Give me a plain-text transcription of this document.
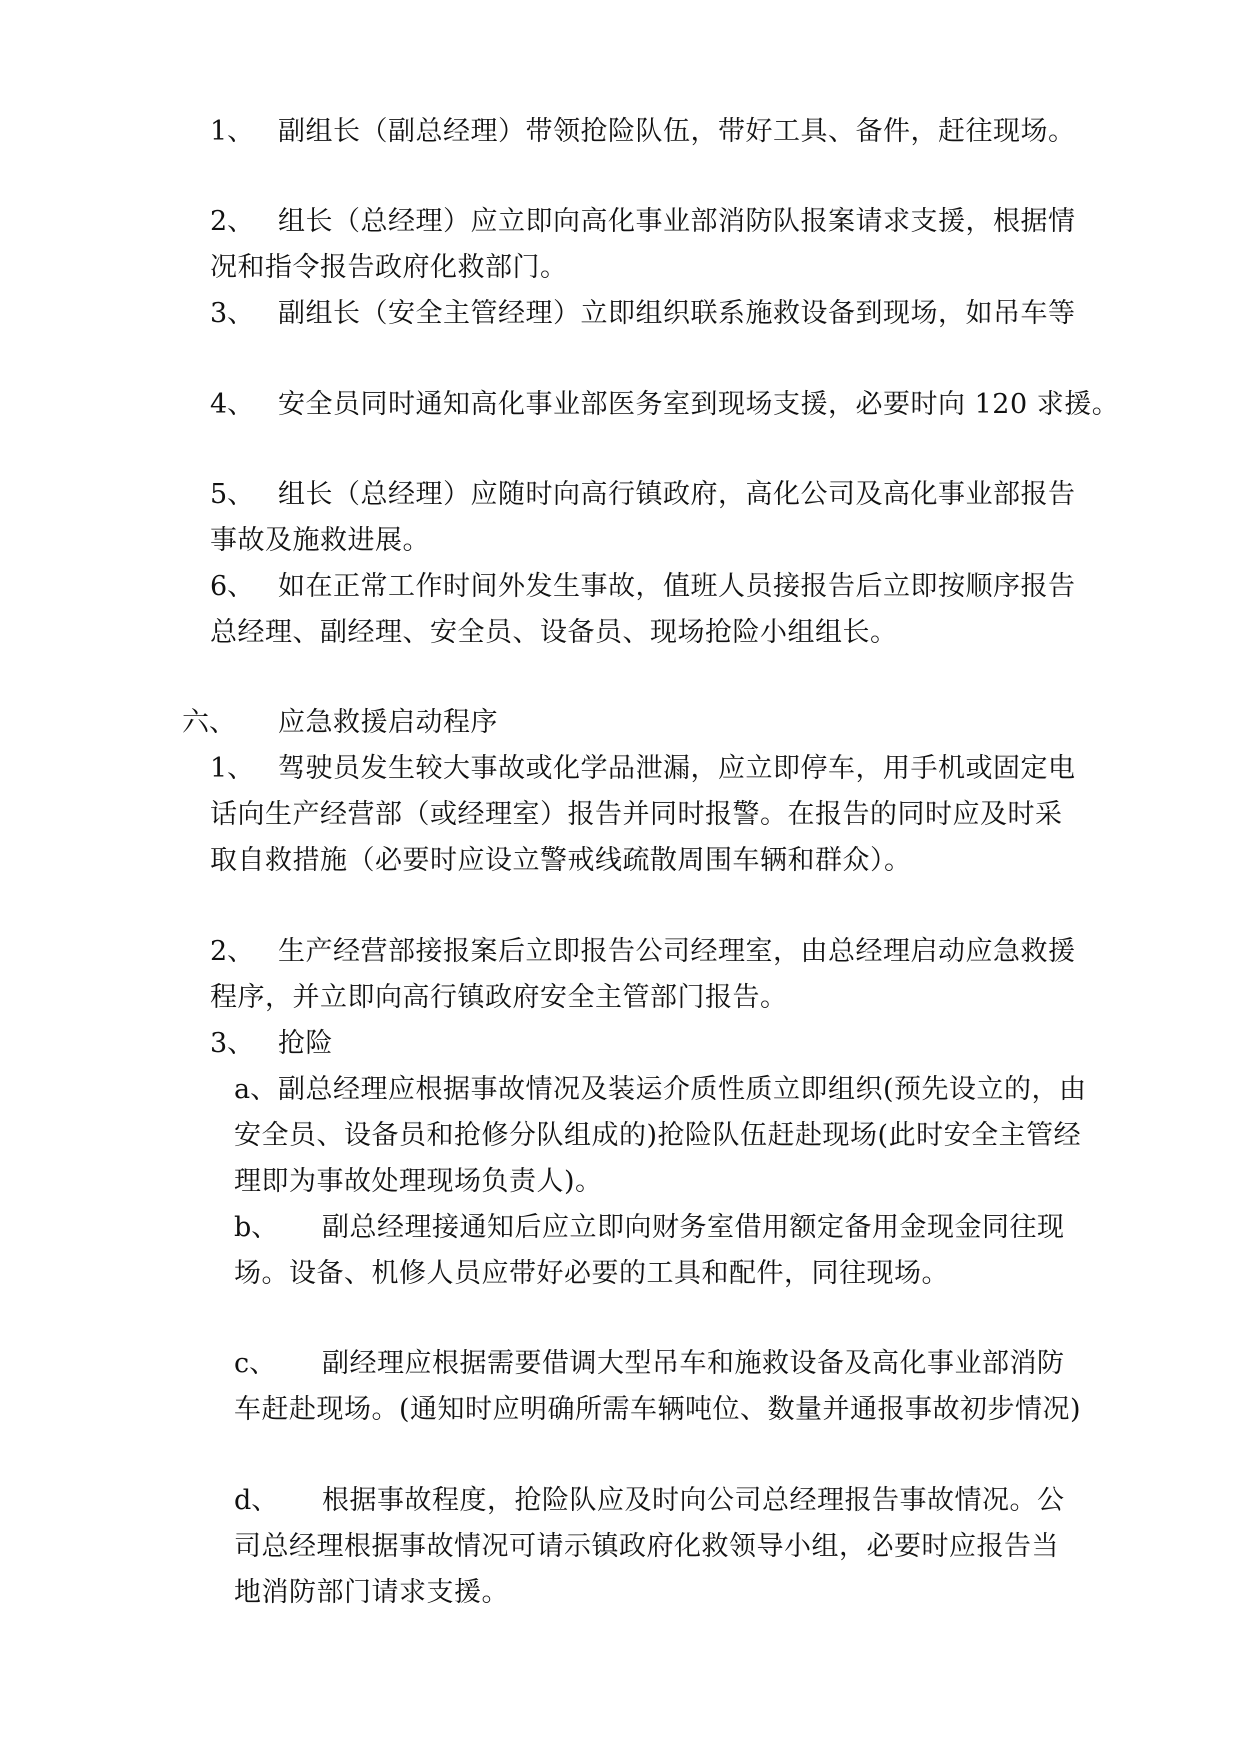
1、 副组长（副总经理）带领抢险队伍，带好工具、备件，赶往现场。
2、 组长（总经理）应立即向高化事业部消防队报案请求支援，根据情
况和指令报告政府化救部门。
3、 副组长（安全主管经理）立即组织联系施救设备到现场，如吊车等
4、 安全员同时通知高化事业部医务室到现场支援，必要时向 120 求援。
5、 组长（总经理）应随时向高行镇政府，高化公司及高化事业部报告
事故及施救进展。
6、 如在正常工作时间外发生事故，值班人员接报告后立即按顺序报告
总经理、副经理、安全员、设备员、现场抢险小组组长。
六、 应急救援启动程序
1、 驾驶员发生较大事故或化学品泄漏，应立即停车，用手机或固定电
话向生产经营部（或经理室）报告并同时报警。在报告的同时应及时采
取自救措施（必要时应设立警戒线疏散周围车辆和群众）。
2、 生产经营部接报案后立即报告公司经理室，由总经理启动应急救援
程序，并立即向高行镇政府安全主管部门报告。
3、 抢险
a、 副总经理应根据事故情况及装运介质性质立即组织(预先设立的，由
安全员、设备员和抢修分队组成的)抢险队伍赶赴现场(此时安全主管经
理即为事故处理现场负责人)。
b、 副总经理接通知后应立即向财务室借用额定备用金现金同往现
场。设备、机修人员应带好必要的工具和配件，同往现场。
c、 副经理应根据需要借调大型吊车和施救设备及高化事业部消防
车赶赴现场。(通知时应明确所需车辆吨位、数量并通报事故初步情况)
d、 根据事故程度，抢险队应及时向公司总经理报告事故情况。公
司总经理根据事故情况可请示镇政府化救领导小组，必要时应报告当
地消防部门请求支援。
